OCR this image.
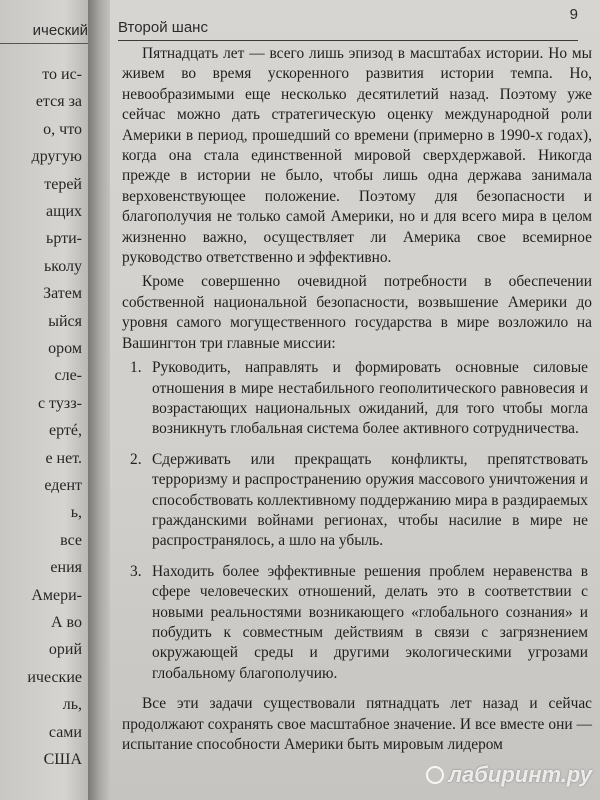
ический
то ис-
ется за
о, что
другую
терей
ащих
ьрти-
ьколу
Затем
ыйся
ором
сле-
с тузз-
ертé,
е нет.
едент
ь,
все
ения
Амери-
А во
орий
ические
ль,
сами
США
Второй шанс
9

Пятнадцать лет — всего лишь эпизод в масштабах истории. Но мы живем во время ускоренного развития истории темпа. Но, невообразимыми еще несколько десятилетий назад. Поэтому уже сейчас можно дать стратегическую оценку международной роли Америки в период, прошедший со времени (примерно в 1990-х годах), когда она стала единственной мировой сверхдержавой. Никогда прежде в истории не было, чтобы лишь одна держава занимала верховенствующее положение. Поэтому для безопасности и благополучия не только самой Америки, но и для всего мира в целом жизненно важно, осуществляет ли Америка свое всемирное руководство ответственно и эффективно.

Кроме совершенно очевидной потребности в обеспечении собственной национальной безопасности, возвышение Америки до уровня самого могущественного государства в мире возложило на Вашингтон три главные миссии:

1. Руководить, направлять и формировать основные силовые отношения в мире нестабильного геополитического равновесия и возрастающих национальных ожиданий, для того чтобы могла возникнуть глобальная система более активного сотрудничества.
2. Сдерживать или прекращать конфликты, препятствовать терроризму и распространению оружия массового уничтожения и способствовать коллективному поддержанию мира в раздираемых гражданскими войнами регионах, чтобы насилие в мире не распространялось, а шло на убыль.
3. Находить более эффективные решения проблем неравенства в сфере человеческих отношений, делать это в соответствии с новыми реальностями возникающего «глобального сознания» и побудить к совместным действиям в связи с загрязнением окружающей среды и другими экологическими угрозами глобальному благополучию.

Все эти задачи существовали пятнадцать лет назад и сейчас продолжают сохранять свое масштабное значение. И все вместе они — испытание способности Америки быть мировым лидером

лабиринт.ру
